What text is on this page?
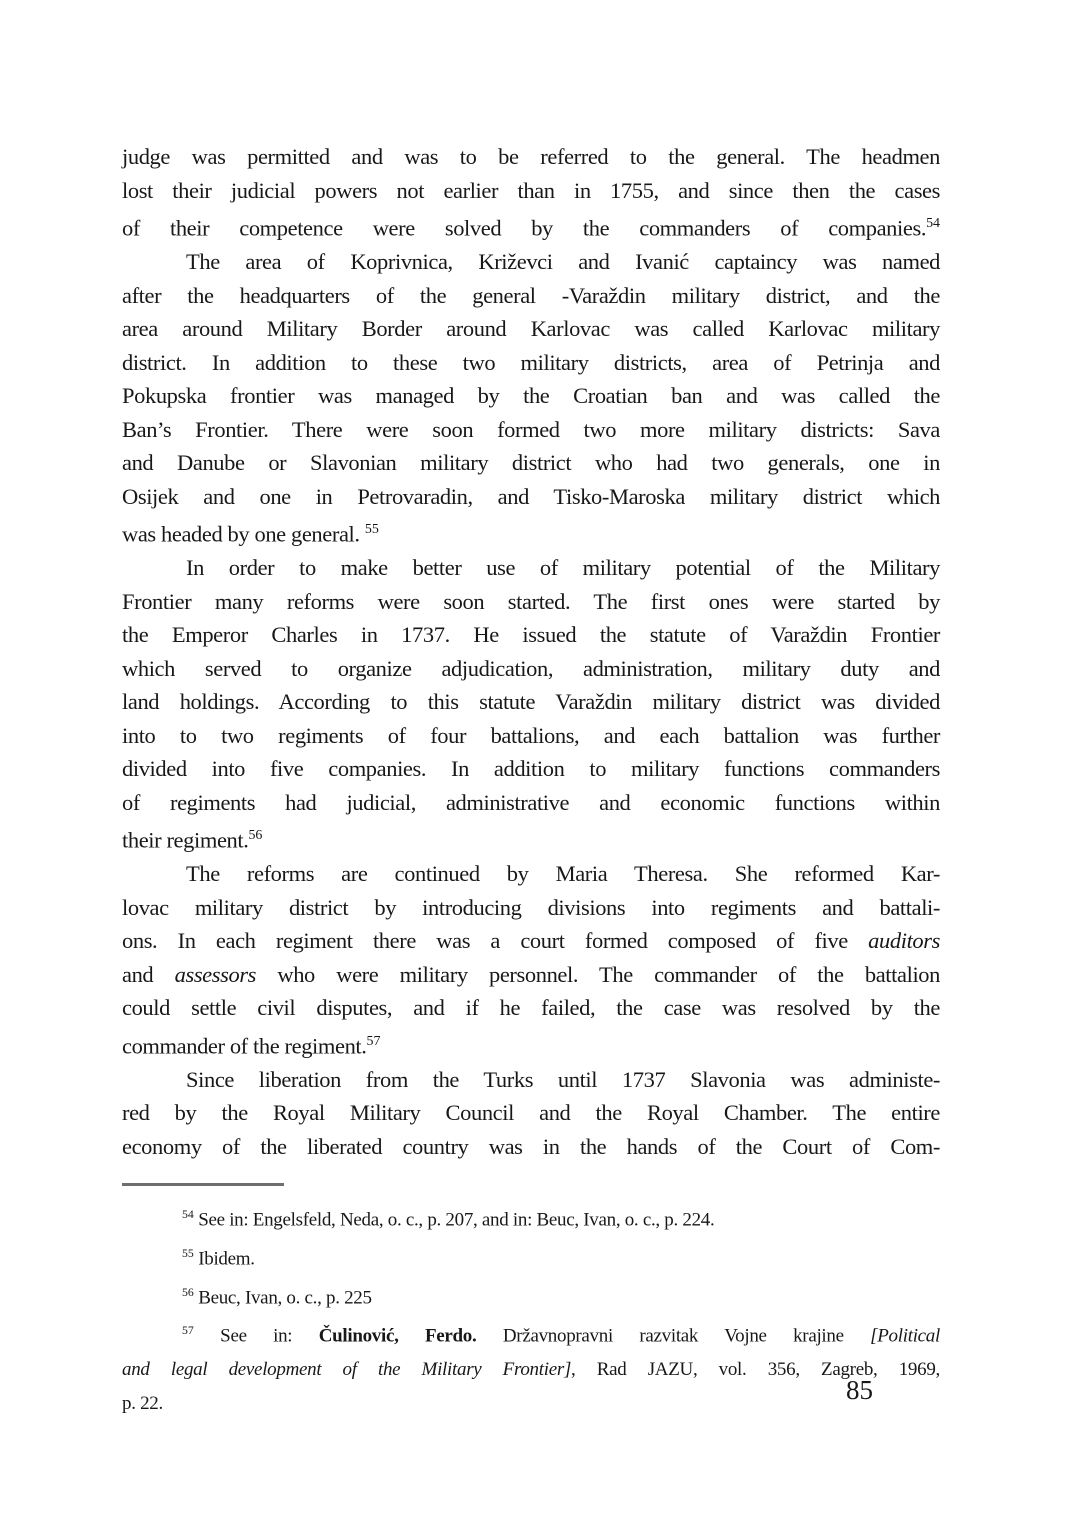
judge was permitted and was to be referred to the general. The headmen
lost their judicial powers not earlier than in 1755, and since then the cases
of their competence were solved by the commanders of companies.$^{54}$
The area of Koprivnica, Križevci and Ivanić captaincy was named
after the headquarters of the general -Varaždin military district, and the
area around Military Border around Karlovac was called Karlovac military
district. In addition to these two military districts, area of Petrinja and
Pokupska frontier was managed by the Croatian ban and was called the
Ban’s Frontier. There were soon formed two more military districts: Sava
and Danube or Slavonian military district who had two generals, one in
Osijek and one in Petrovaradin, and Tisko-Maroska military district which
was headed by one general. $^{55}$
In order to make better use of military potential of the Military
Frontier many reforms were soon started. The first ones were started by
the Emperor Charles in 1737. He issued the statute of Varaždin Frontier
which served to organize adjudication, administration, military duty and
land holdings. According to this statute Varaždin military district was divided
into to two regiments of four battalions, and each battalion was further
divided into five companies. In addition to military functions commanders
of regiments had judicial, administrative and economic functions within
their regiment.$^{56}$
The reforms are continued by Maria Theresa. She reformed Kar-
lovac military district by introducing divisions into regiments and battali-
ons. In each regiment there was a court formed composed of five auditors
and assessors who were military personnel. The commander of the battalion
could settle civil disputes, and if he failed, the case was resolved by the
commander of the regiment.$^{57}$
Since liberation from the Turks until 1737 Slavonia was administe-
red by the Royal Military Council and the Royal Chamber. The entire
economy of the liberated country was in the hands of the Court of Com-
$^{54}$ See in: Engelsfeld, Neda, o. c., p. 207, and in: Beuc, Ivan, o. c., p. 224.
$^{55}$ Ibidem.
$^{56}$ Beuc, Ivan, o. c., p. 225
$^{57}$ See in: Čulinović, Ferdo. Državnopravni razvitak Vojne krajine [Political
and legal development of the Military Frontier], Rad JAZU, vol. 356, Zagreb, 1969,
p. 22.	85
